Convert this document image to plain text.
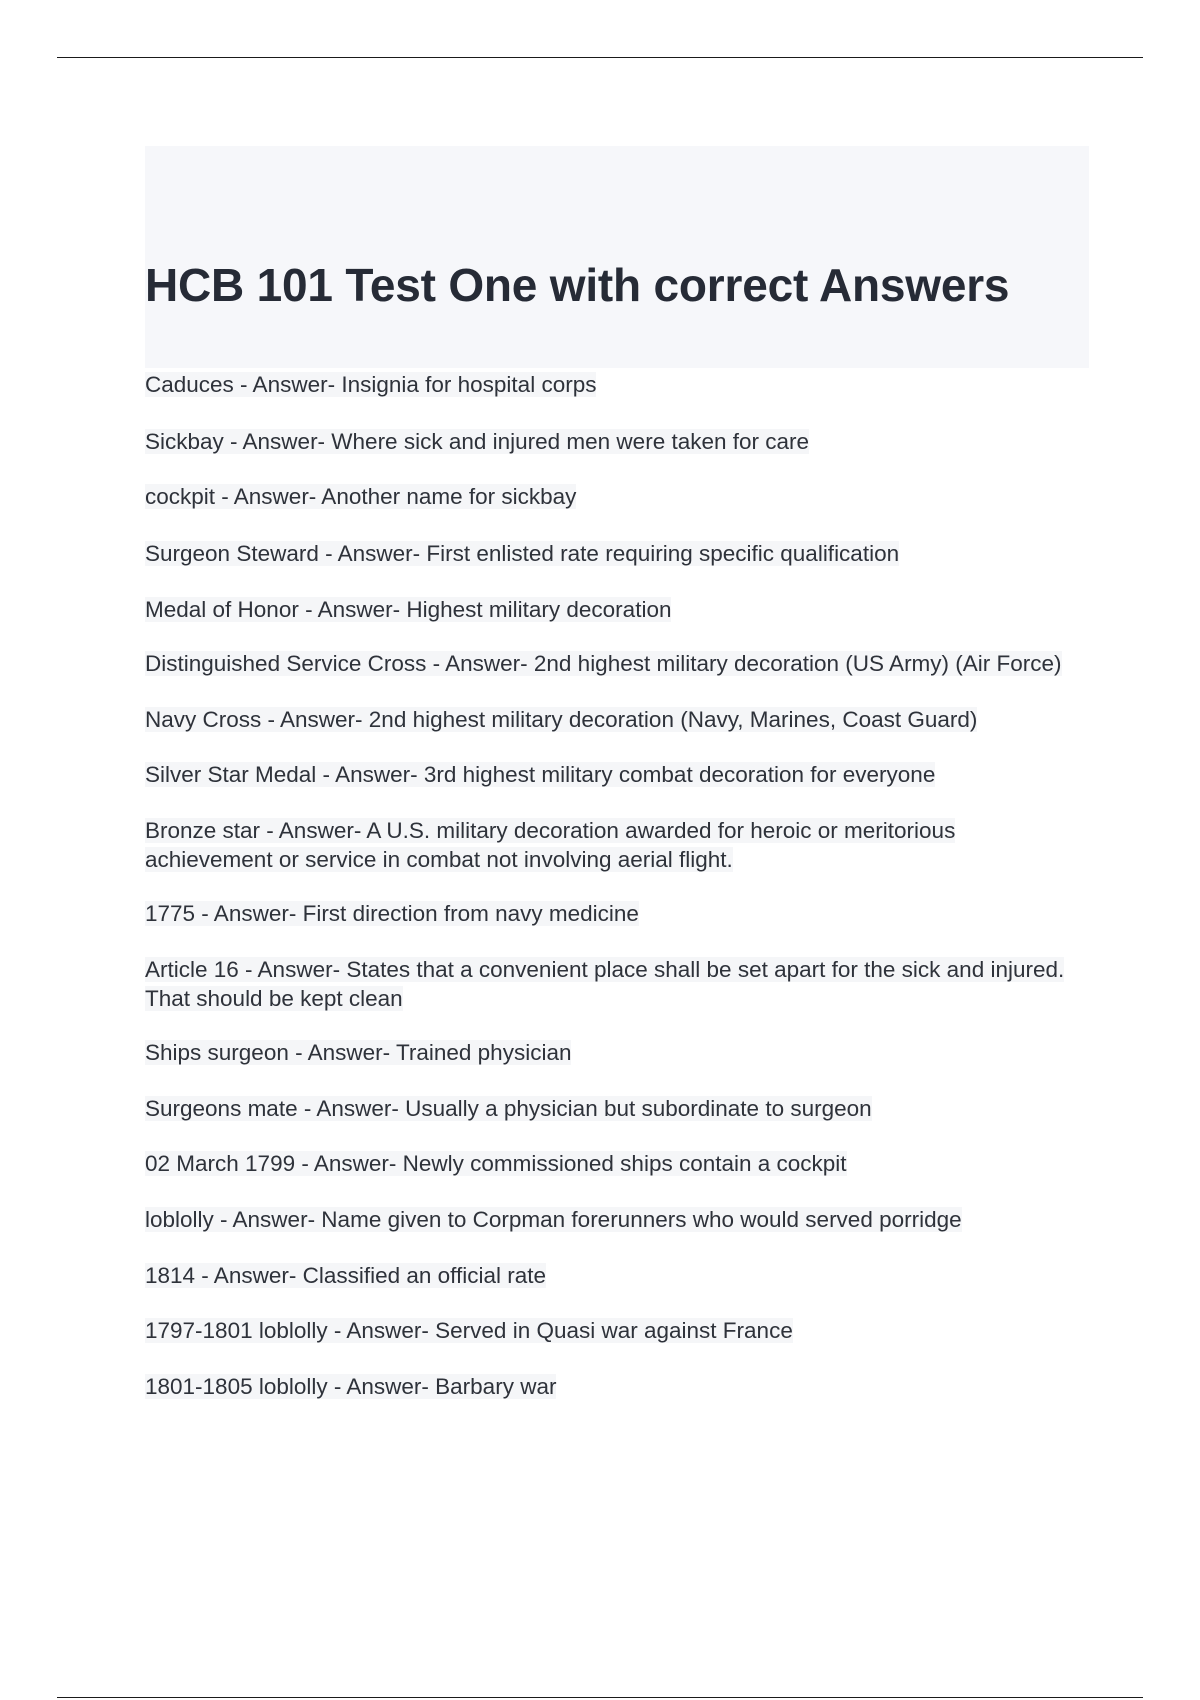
HCB 101 Test One with correct Answers
Caduces - Answer- Insignia for hospital corps
Sickbay - Answer- Where sick and injured men were taken for care
cockpit - Answer- Another name for sickbay
Surgeon Steward - Answer- First enlisted rate requiring specific qualification
Medal of Honor - Answer- Highest military decoration
Distinguished Service Cross - Answer- 2nd highest military decoration (US Army) (Air Force)
Navy Cross - Answer- 2nd highest military decoration (Navy, Marines, Coast Guard)
Silver Star Medal - Answer- 3rd highest military combat decoration for everyone
Bronze star - Answer- A U.S. military decoration awarded for heroic or meritorious achievement or service in combat not involving aerial flight.
1775 - Answer- First direction from navy medicine
Article 16 - Answer- States that a convenient place shall be set apart for the sick and injured. That should be kept clean
Ships surgeon - Answer- Trained physician
Surgeons mate - Answer- Usually a physician but subordinate to surgeon
02 March 1799 - Answer- Newly commissioned ships contain a cockpit
loblolly - Answer- Name given to Corpman forerunners who would served porridge
1814 - Answer- Classified an official rate
1797-1801 loblolly - Answer- Served in Quasi war against France
1801-1805 loblolly - Answer- Barbary war
